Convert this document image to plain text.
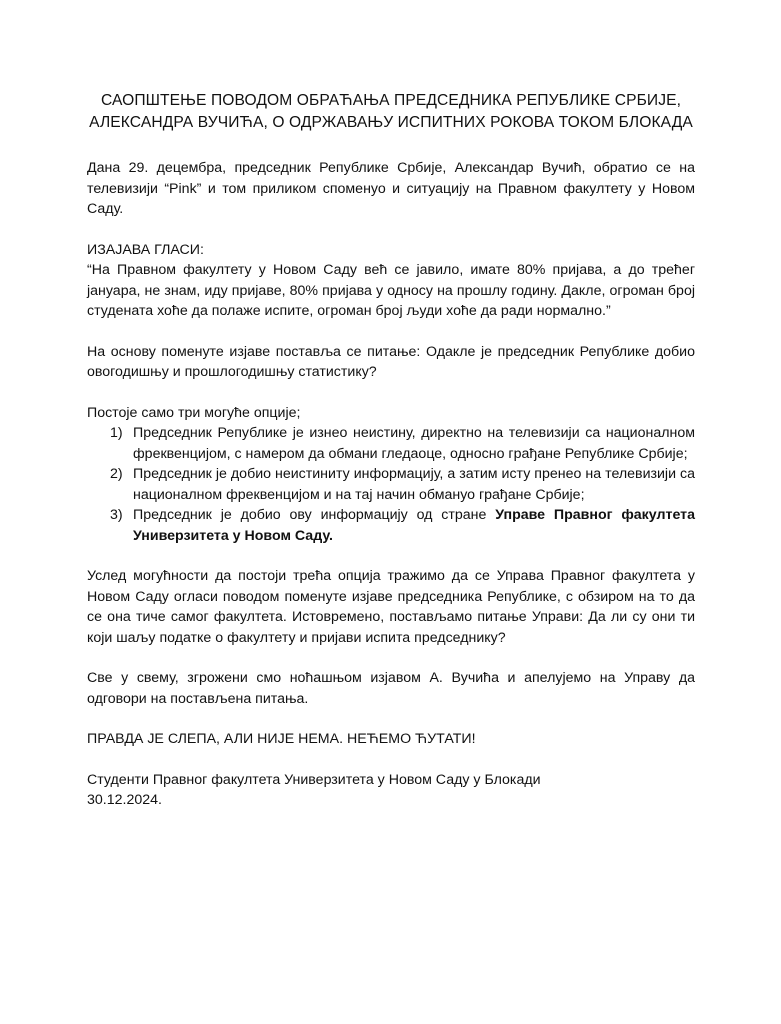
САОПШТЕЊЕ ПОВОДОМ ОБРАЋАЊА ПРЕДСЕДНИКА РЕПУБЛИКЕ СРБИЈЕ,
АЛЕКСАНДРА ВУЧИЋА, О ОДРЖАВАЊУ ИСПИТНИХ РОКОВА ТОКОМ БЛОКАДА

Дана 29. децембра, председник Републике Србије, Александар Вучић, обратио се на телевизији “Pink” и том приликом споменуо и ситуацију на Правном факултету у Новом Саду.

ИЗАЈАВА ГЛАСИ:

“На Правном факултету у Новом Саду већ се јавило, имате 80% пријава, а до трећег јануара, не знам, иду пријаве, 80% пријава у односу на прошлу годину. Дакле, огроман број студената хоће да полаже испите, огроман број људи хоће да ради нормално.”

На основу поменуте изјаве поставља се питање: Одакле је председник Републике добио овогодишњу и прошлогодишњу статистику?

Постоје само три могуће опције;

1) Председник Републике је изнео неистину, директно на телевизији са националном фреквенцијом, с намером да обмани гледаоце, односно грађане Републике Србије;
2) Председник је добио неистиниту информацију, а затим исту пренео на телевизији са националном фреквенцијом и на тај начин обмануо грађане Србије;
3) Председник је добио ову информацију од стране Управе Правног факултета Универзитета у Новом Саду.

Услед могућности да постоји трећа опција тражимо да се Управа Правног факултета у Новом Саду огласи поводом поменуте изјаве председника Републике, с обзиром на то да се она тиче самог факултета. Истовремено, постављамо питање Управи: Да ли су они ти који шаљу податке о факултету и пријави испита председнику?

Све у свему, згрожени смо ноћашњом изјавом А. Вучића и апелујемо на Управу да одговори на постављена питања.

ПРАВДА ЈЕ СЛЕПА, АЛИ НИЈЕ НЕМА. НЕЋЕМО ЋУТАТИ!

Студенти Правног факултета Универзитета у Новом Саду у Блокади

30.12.2024.
